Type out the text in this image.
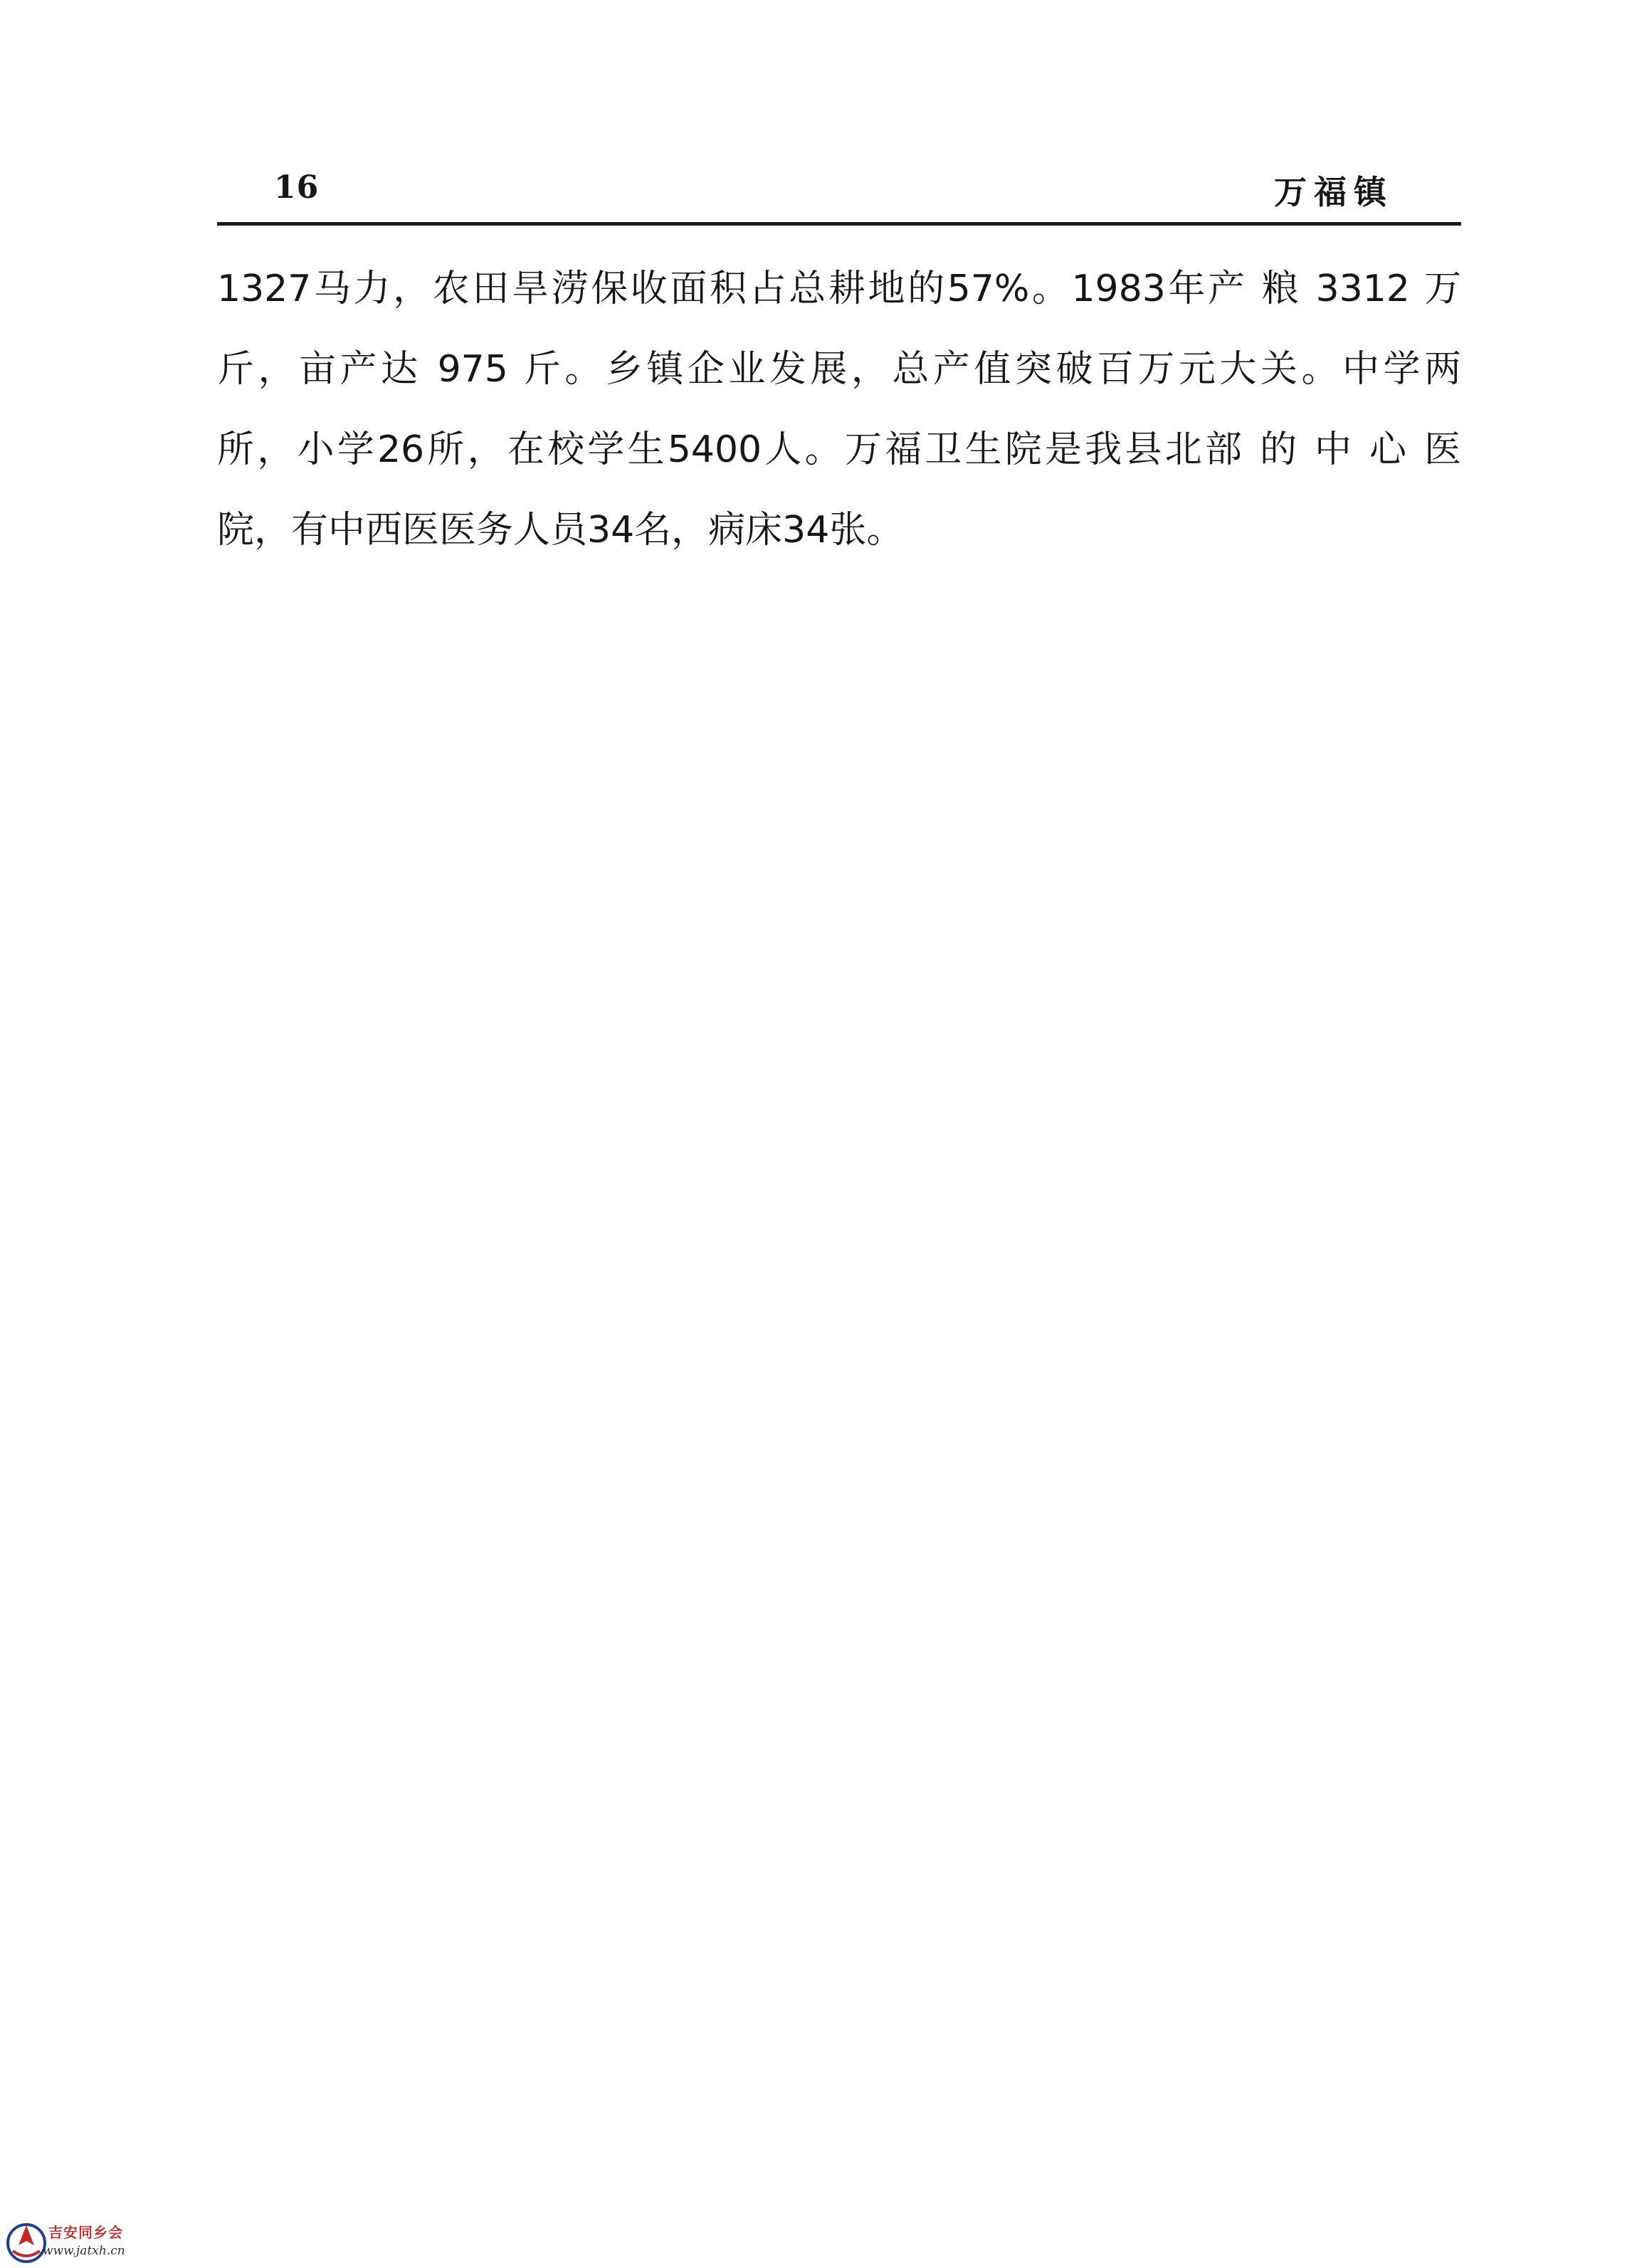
16	万福镇
1327马力，农田旱涝保收面积占总耕地的57%。1983年产 粮 3312 万
斤，亩产达 975 斤。乡镇企业发展，总产值突破百万元大关。中学两
所，小学26所，在校学生5400人。万福卫生院是我县北部 的 中 心 医
院，有中西医医务人员34名，病床34张。
吉安同乡会
www.jatxh.cn
